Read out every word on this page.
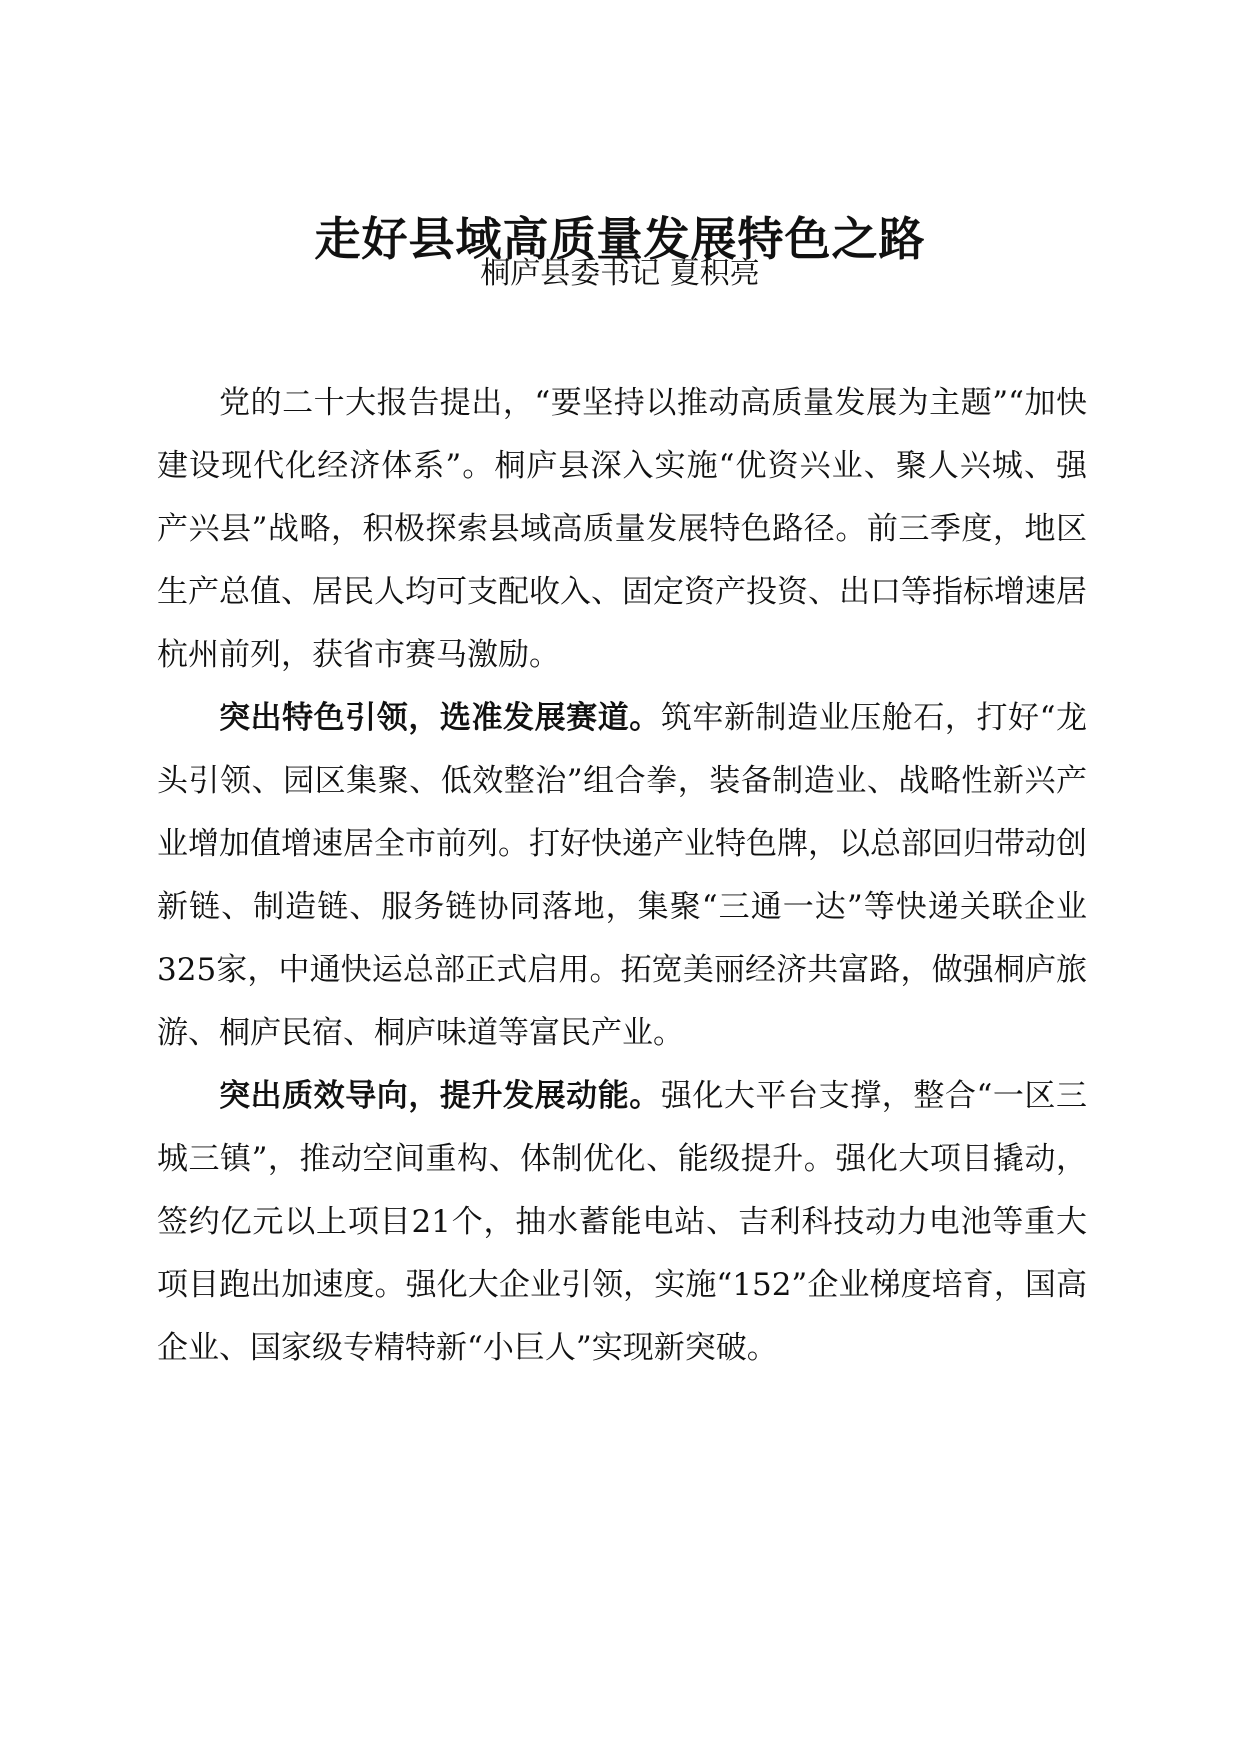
走好县域高质量发展特色之路
桐庐县委书记 夏积亮

党的二十大报告提出，“要坚持以推动高质量发展为主题”“加快建设现代化经济体系”。桐庐县深入实施“优资兴业、聚人兴城、强产兴县”战略，积极探索县域高质量发展特色路径。前三季度，地区生产总值、居民人均可支配收入、固定资产投资、出口等指标增速居杭州前列，获省市赛马激励。

突出特色引领，选准发展赛道。筑牢新制造业压舱石，打好“龙头引领、园区集聚、低效整治”组合拳，装备制造业、战略性新兴产业增加值增速居全市前列。打好快递产业特色牌，以总部回归带动创新链、制造链、服务链协同落地，集聚“三通一达”等快递关联企业325家，中通快运总部正式启用。拓宽美丽经济共富路，做强桐庐旅游、桐庐民宿、桐庐味道等富民产业。

突出质效导向，提升发展动能。强化大平台支撑，整合“一区三城三镇”，推动空间重构、体制优化、能级提升。强化大项目撬动，签约亿元以上项目21个，抽水蓄能电站、吉利科技动力电池等重大项目跑出加速度。强化大企业引领，实施“152”企业梯度培育，国高企业、国家级专精特新“小巨人”实现新突破。
